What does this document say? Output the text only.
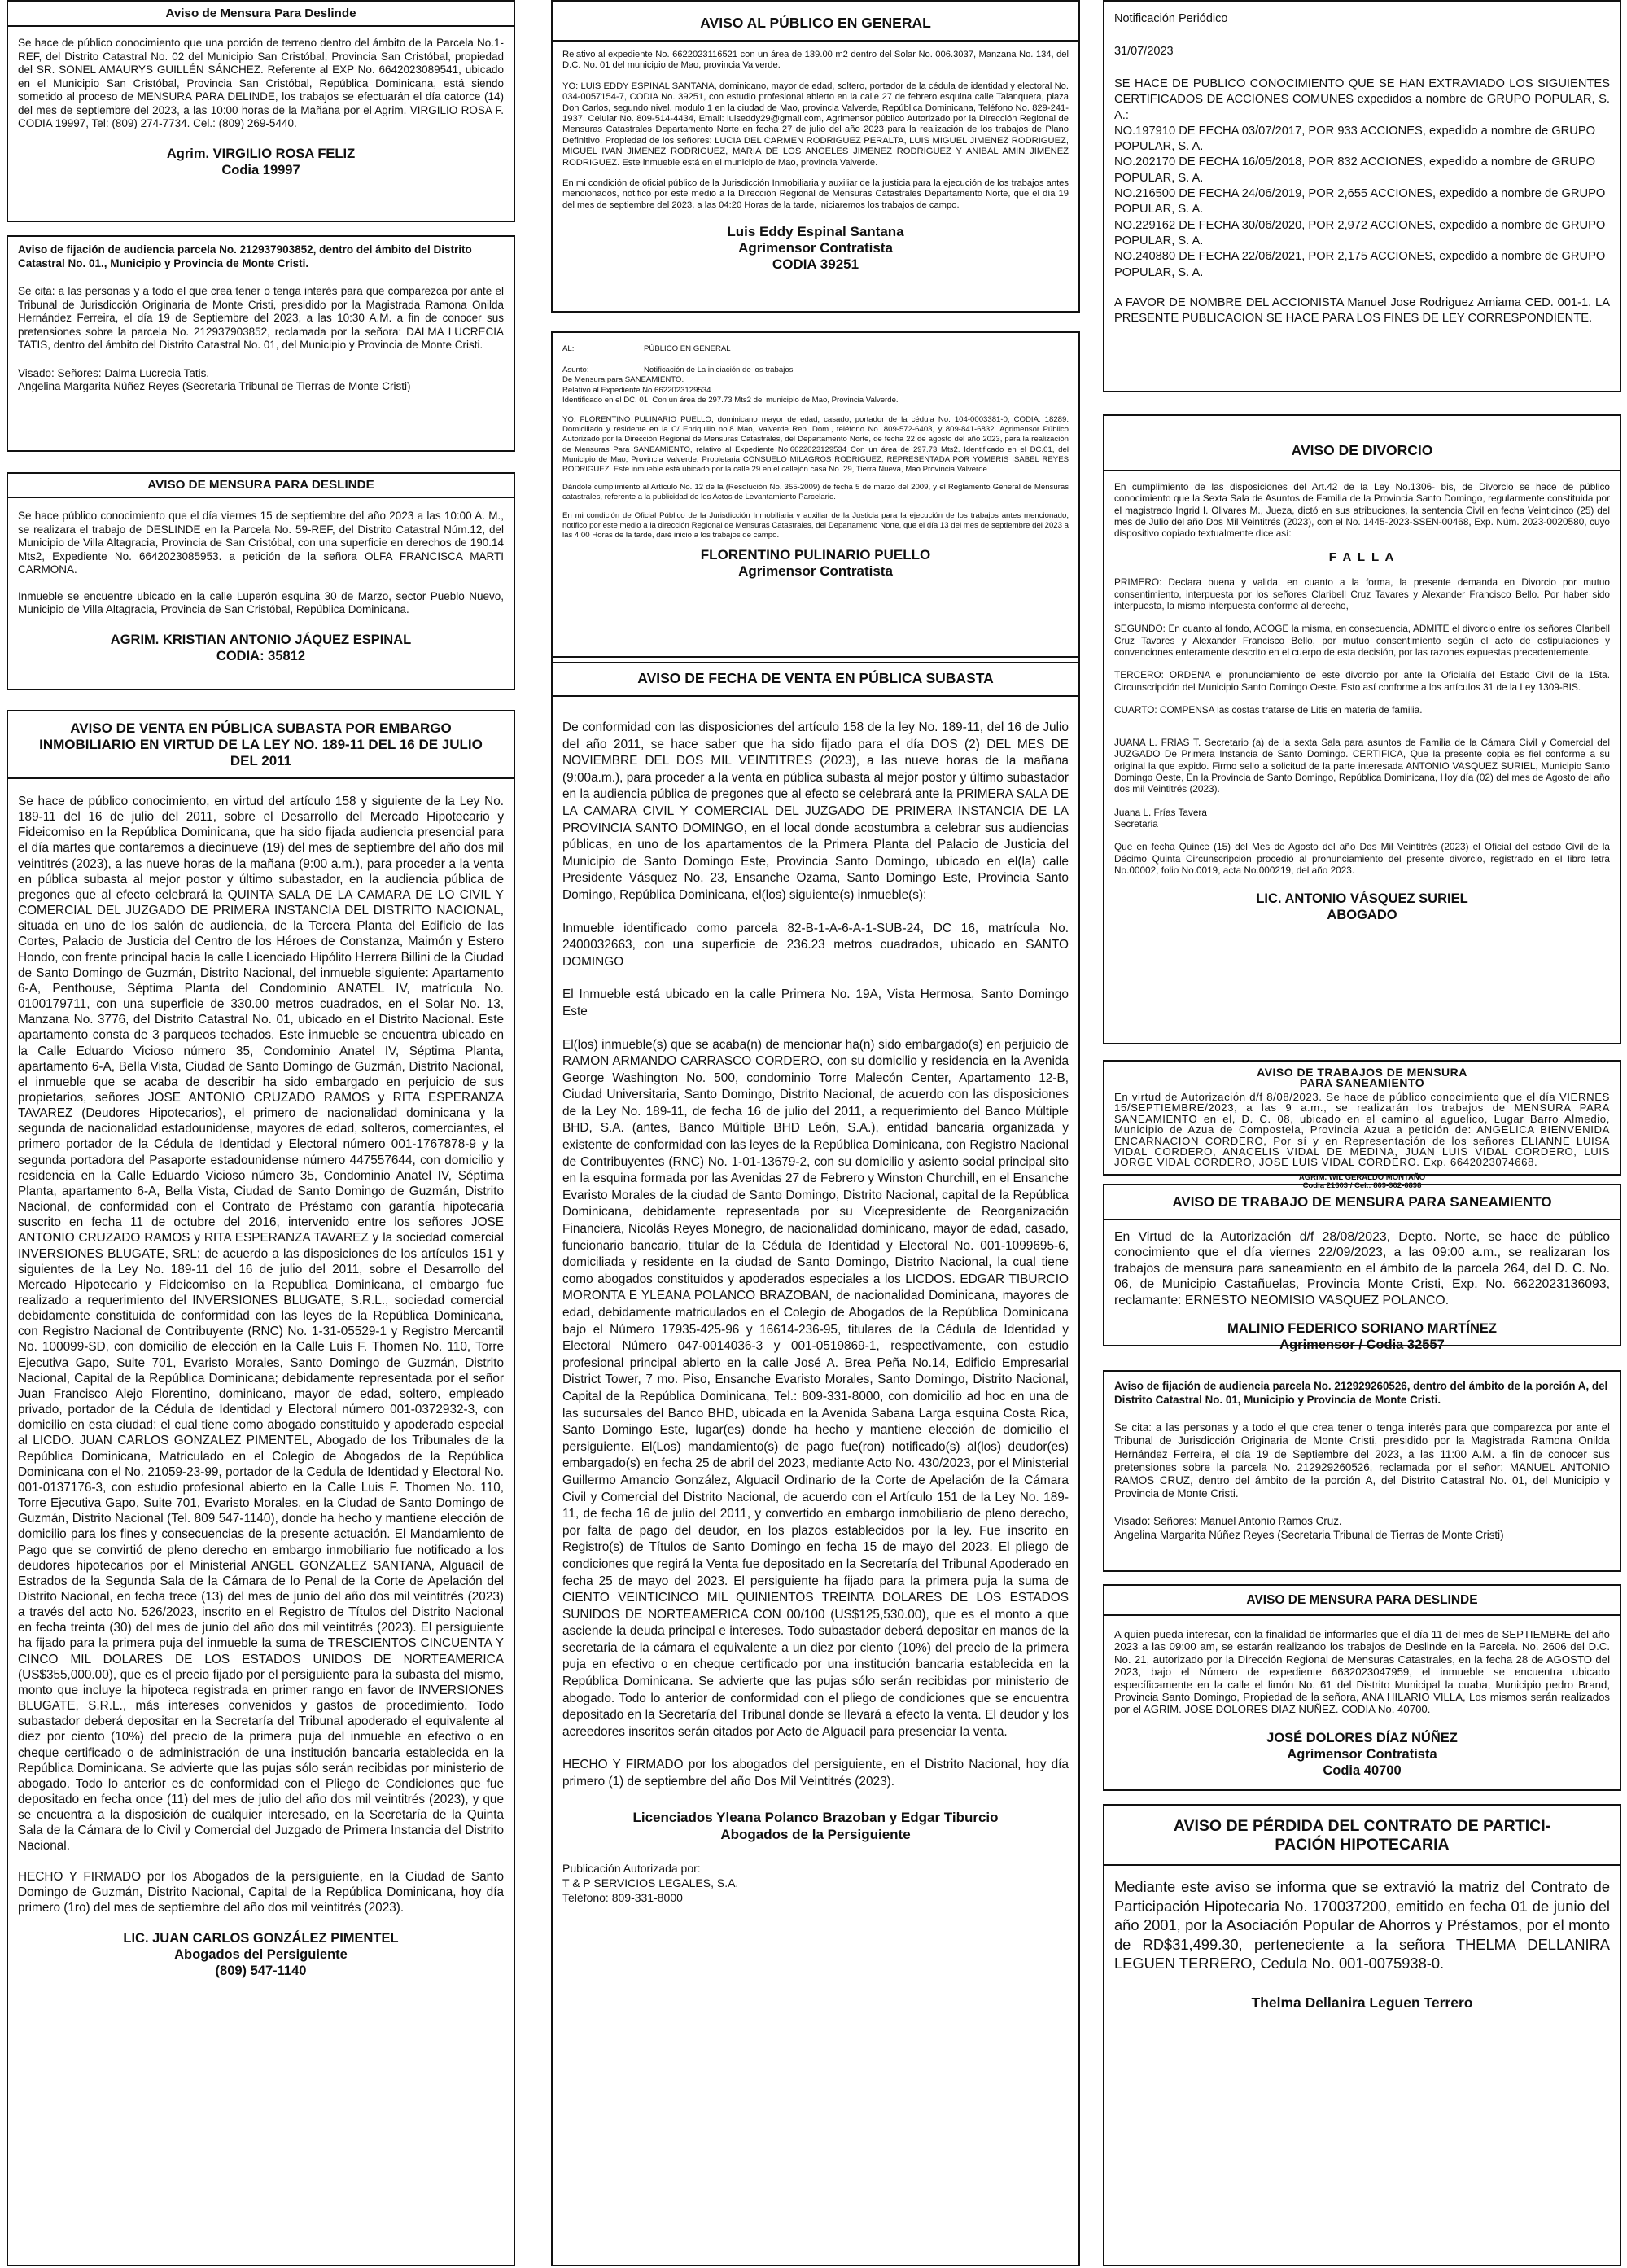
Aviso de Mensura Para Deslinde

Se hace de público conocimiento que una porción de terreno dentro del ámbito de la Parcela No.1-REF, del Distrito Catastral No. 02 del Municipio San Cristóbal, Provincia San Cristóbal, propiedad del SR. SONEL AMAURYS GUILLÉN SÁNCHEZ. Referente al EXP No. 6642023089541, ubicado en el Municipio San Cristóbal, Provincia San Cristóbal, República Dominicana, está siendo sometido al proceso de MENSURA PARA DELINDE, los trabajos se efectuarán el día catorce (14) del mes de septiembre del 2023, a las 10:00 horas de la Mañana por el Agrim. VIRGILIO ROSA F. CODIA 19997, Tel: (809) 274-7734. Cel.: (809) 269-5440.

Agrim. VIRGILIO ROSA FELIZ
Codia 19997

Aviso de fijación de audiencia parcela No. 212937903852, dentro del ámbito del Distrito Catastral No. 01., Municipio y Provincia de Monte Cristi.

Se cita: a las personas y a todo el que crea tener o tenga interés para que comparezca por ante el Tribunal de Jurisdicción Originaria de Monte Cristi, presidido por la Magistrada Ramona Onilda Hernández Ferreira, el día 19 de Septiembre del 2023, a las 10:30 A.M. a fin de conocer sus pretensiones sobre la parcela No. 212937903852, reclamada por la señora: DALMA LUCRECIA TATIS, dentro del ámbito del Distrito Catastral No. 01, del Municipio y Provincia de Monte Cristi.

Visado: Señores: Dalma Lucrecia Tatis.

Angelina Margarita Núñez Reyes (Secretaria Tribunal de Tierras de Monte Cristi)

AVISO DE MENSURA PARA DESLINDE

Se hace público conocimiento que el día viernes 15 de septiembre del año 2023 a las 10:00 A. M., se realizara el trabajo de DESLINDE en la Parcela No. 59-REF, del Distrito Catastral Núm.12, del Municipio de Villa Altagracia, Provincia de San Cristóbal, con una superficie en derechos de 190.14 Mts2, Expediente No. 6642023085953. a petición de la señora OLFA FRANCISCA MARTI CARMONA.

Inmueble se encuentre ubicado en la calle Luperón esquina 30 de Marzo, sector Pueblo Nuevo, Municipio de Villa Altagracia, Provincia de San Cristóbal, República Dominicana.

AGRIM. KRISTIAN ANTONIO JÁQUEZ ESPINAL
CODIA: 35812
AVISO DE VENTA EN PÚBLICA SUBASTA POR EMBARGO INMOBILIARIO EN VIRTUD DE LA LEY NO. 189-11 DEL 16 DE JULIO DEL 2011

Se hace de público conocimiento, en virtud del artículo 158 y siguiente de la Ley No. 189-11 del 16 de julio del 2011, sobre el Desarrollo del Mercado Hipotecario y Fideicomiso en la República Dominicana, que ha sido fijada audiencia presencial para el día martes que contaremos a diecinueve (19) del mes de septiembre del año dos mil veintitrés (2023), a las nueve horas de la mañana (9:00 a.m.), para proceder a la venta en pública subasta al mejor postor y último subastador, en la audiencia pública de pregones que al efecto celebrará la QUINTA SALA DE LA CAMARA DE LO CIVIL Y COMERCIAL DEL JUZGADO DE PRIMERA INSTANCIA DEL DISTRITO NACIONAL, situada en uno de los salón de audiencia, de la Tercera Planta del Edificio de las Cortes, Palacio de Justicia del Centro de los Héroes de Constanza, Maimón y Estero Hondo, con frente principal hacia la calle Licenciado Hipólito Herrera Billini de la Ciudad de Santo Domingo de Guzmán, Distrito Nacional, del inmueble siguiente: Apartamento 6-A, Penthouse, Séptima Planta del Condominio ANATEL IV, matrícula No. 0100179711, con una superficie de 330.00 metros cuadrados, en el Solar No. 13, Manzana No. 3776, del Distrito Catastral No. 01, ubicado en el Distrito Nacional. Este apartamento consta de 3 parqueos techados. Este inmueble se encuentra ubicado en la Calle Eduardo Vicioso número 35, Condominio Anatel IV, Séptima Planta, apartamento 6-A, Bella Vista, Ciudad de Santo Domingo de Guzmán, Distrito Nacional, el inmueble que se acaba de describir ha sido embargado en perjuicio de sus propietarios, señores JOSE ANTONIO CRUZADO RAMOS y RITA ESPERANZA TAVAREZ (Deudores Hipotecarios), el primero de nacionalidad dominicana y la segunda de nacionalidad estadounidense, mayores de edad, solteros, comerciantes, el primero portador de la Cédula de Identidad y Electoral número 001-1767878-9 y la segunda portadora del Pasaporte estadounidense número 447557644, con domicilio y residencia en la Calle Eduardo Vicioso número 35, Condominio Anatel IV, Séptima Planta, apartamento 6-A, Bella Vista, Ciudad de Santo Domingo de Guzmán, Distrito Nacional, de conformidad con el Contrato de Préstamo con garantía hipotecaria suscrito en fecha 11 de octubre del 2016, intervenido entre los señores JOSE ANTONIO CRUZADO RAMOS y RITA ESPERANZA TAVAREZ y la sociedad comercial INVERSIONES BLUGATE, SRL; de acuerdo a las disposiciones de los artículos 151 y siguientes de la Ley No. 189-11 del 16 de julio del 2011, sobre el Desarrollo del Mercado Hipotecario y Fideicomiso en la Republica Dominicana, el embargo fue realizado a requerimiento del INVERSIONES BLUGATE, S.R.L., sociedad comercial debidamente constituida de conformidad con las leyes de la República Dominicana, con Registro Nacional de Contribuyente (RNC) No. 1-31-05529-1 y Registro Mercantil No. 100099-SD, con domicilio de elección en la Calle Luis F. Thomen No. 110, Torre Ejecutiva Gapo, Suite 701, Evaristo Morales, Santo Domingo de Guzmán, Distrito Nacional, Capital de la República Dominicana; debidamente representada por el señor Juan Francisco Alejo Florentino, dominicano, mayor de edad, soltero, empleado privado, portador de la Cédula de Identidad y Electoral número 001-0372932-3, con domicilio en esta ciudad; el cual tiene como abogado constituido y apoderado especial al LICDO. JUAN CARLOS GONZALEZ PIMENTEL, Abogado de los Tribunales de la República Dominicana, Matriculado en el Colegio de Abogados de la República Dominicana con el No. 21059-23-99, portador de la Cedula de Identidad y Electoral No. 001-0137176-3, con estudio profesional abierto en la Calle Luis F. Thomen No. 110, Torre Ejecutiva Gapo, Suite 701, Evaristo Morales, en la Ciudad de Santo Domingo de Guzmán, Distrito Nacional (Tel. 809 547-1140), donde ha hecho y mantiene elección de domicilio para los fines y consecuencias de la presente actuación. El Mandamiento de Pago que se convirtió de pleno derecho en embargo inmobiliario fue notificado a los deudores hipotecarios por el Ministerial ANGEL GONZALEZ SANTANA, Alguacil de Estrados de la Segunda Sala de la Cámara de lo Penal de la Corte de Apelación del Distrito Nacional, en fecha trece (13) del mes de junio del año dos mil veintitrés (2023) a través del acto No. 526/2023, inscrito en el Registro de Títulos del Distrito Nacional en fecha treinta (30) del mes de junio del año dos mil veintitrés (2023). El persiguiente ha fijado para la primera puja del inmueble la suma de TRESCIENTOS CINCUENTA Y CINCO MIL DOLARES DE LOS ESTADOS UNIDOS DE NORTEAMERICA (US$355,000.00), que es el precio fijado por el persiguiente para la subasta del mismo, monto que incluye la hipoteca registrada en primer rango en favor de INVERSIONES BLUGATE, S.R.L., más intereses convenidos y gastos de procedimiento. Todo subastador deberá depositar en la Secretaría del Tribunal apoderado el equivalente al diez por ciento (10%) del precio de la primera puja del inmueble en efectivo o en cheque certificado o de administración de una institución bancaria establecida en la República Dominicana. Se advierte que las pujas sólo serán recibidas por ministerio de abogado. Todo lo anterior es de conformidad con el Pliego de Condiciones que fue depositado en fecha once (11) del mes de julio del año dos mil veintitrés (2023), y que se encuentra a la disposición de cualquier interesado, en la Secretaría de la Quinta Sala de la Cámara de lo Civil y Comercial del Juzgado de Primera Instancia del Distrito Nacional.

HECHO Y FIRMADO por los Abogados de la persiguiente, en la Ciudad de Santo Domingo de Guzmán, Distrito Nacional, Capital de la República Dominicana, hoy día primero (1ro) del mes de septiembre del año dos mil veintitrés (2023).

LIC. JUAN CARLOS GONZÁLEZ PIMENTEL
Abogados del Persiguiente
(809) 547-1140
AVISO AL PÚBLICO EN GENERAL

Relativo al expediente No. 6622023116521 con un área de 139.00 m2 dentro del Solar No. 006.3037, Manzana No. 134, del D.C. No. 01 del municipio de Mao, provincia Valverde.

YO: LUIS EDDY ESPINAL SANTANA, dominicano, mayor de edad, soltero, portador de la cédula de identidad y electoral No. 034-0057154-7, CODIA No. 39251, con estudio profesional abierto en la calle 27 de febrero esquina calle Talanquera, plaza Don Carlos, segundo nivel, modulo 1 en la ciudad de Mao, provincia Valverde, República Dominicana, Teléfono No. 829-241-1937, Celular No. 809-514-4434, Email: luiseddy29@gmail.com, Agrimensor público Autorizado por la Dirección Regional de Mensuras Catastrales Departamento Norte en fecha 27 de julio del año 2023 para la realización de los trabajos de Plano Definitivo. Propiedad de los señores: LUCIA DEL CARMEN RODRIGUEZ PERALTA, LUIS MIGUEL JIMENEZ RODRIGUEZ, MIGUEL IVAN JIMENEZ RODRIGUEZ, MARIA DE LOS ANGELES JIMENEZ RODRIGUEZ Y ANIBAL AMIN JIMENEZ RODRIGUEZ. Este inmueble está en el municipio de Mao, provincia Valverde.

En mi condición de oficial público de la Jurisdicción Inmobiliaria y auxiliar de la justicia para la ejecución de los trabajos antes mencionados, notifico por este medio a la Dirección Regional de Mensuras Catastrales Departamento Norte, que el día 19 del mes de septiembre del 2023, a las 04:20 Horas de la tarde, iniciaremos los trabajos de campo.

Luis Eddy Espinal Santana
Agrimensor Contratista
CODIA 39251
AL:	PÚBLICO EN GENERAL
Asunto:	Notificación de La iniciación de los trabajos

De Mensura para SANEAMIENTO.

Relativo al Expediente No.6622023129534

Identificado en el DC. 01, Con un área de 297.73 Mts2 del municipio de Mao, Provincia Valverde.

YO: FLORENTINO PULINARIO PUELLO, dominicano mayor de edad, casado, portador de la cédula No. 104-0003381-0, CODIA: 18289. Domiciliado y residente en la C/ Enriquillo no.8 Mao, Valverde Rep. Dom., teléfono No. 809-572-6403, y 809-841-6832. Agrimensor Público Autorizado por la Dirección Regional de Mensuras Catastrales, del Departamento Norte, de fecha 22 de agosto del año 2023, para la realización de Mensuras Para SANEAMIENTO, relativo al Expediente No.6622023129534 Con un área de 297.73 Mts2. Identificado en el DC.01, del Municipio de Mao, Provincia Valverde. Propietaria CONSUELO MILAGROS RODRIGUEZ, REPRESENTADA POR YOMERIS ISABEL REYES RODRIGUEZ. Este inmueble está ubicado por la calle 29 en el callejón casa No. 29, Tierra Nueva, Mao Provincia Valverde.

Dándole cumplimiento al Artículo No. 12 de la (Resolución No. 355-2009) de fecha 5 de marzo del 2009, y el Reglamento General de Mensuras catastrales, referente a la publicidad de los Actos de Levantamiento Parcelario.

En mi condición de Oficial Público de la Jurisdicción Inmobiliaria y auxiliar de la Justicia para la ejecución de los trabajos antes mencionado, notifico por este medio a la dirección Regional de Mensuras Catastrales, del Departamento Norte, que el día 13 del mes de septiembre del 2023 a las 4:00 Horas de la tarde, daré inicio a los trabajos de campo.

FLORENTINO PULINARIO PUELLO
Agrimensor Contratista
AVISO DE FECHA DE VENTA EN PÚBLICA SUBASTA

De conformidad con las disposiciones del artículo 158 de la ley No. 189-11, del 16 de Julio del año 2011, se hace saber que ha sido fijado para el día DOS (2) DEL MES DE NOVIEMBRE DEL DOS MIL VEINTITRES (2023), a las nueve horas de la mañana (9:00a.m.), para proceder a la venta en pública subasta al mejor postor y último subastador en la audiencia pública de pregones que al efecto se celebrará ante la PRIMERA SALA DE LA CAMARA CIVIL Y COMERCIAL DEL JUZGADO DE PRIMERA INSTANCIA DE LA PROVINCIA SANTO DOMINGO, en el local donde acostumbra a celebrar sus audiencias públicas, en uno de los apartamentos de la Primera Planta del Palacio de Justicia del Municipio de Santo Domingo Este, Provincia Santo Domingo, ubicado en el(la) calle Presidente Vásquez No. 23, Ensanche Ozama, Santo Domingo Este, Provincia Santo Domingo, República Dominicana, el(los) siguiente(s) inmueble(s):

Inmueble identificado como parcela 82-B-1-A-6-A-1-SUB-24, DC 16, matrícula No. 2400032663, con una superficie de 236.23 metros cuadrados, ubicado en SANTO DOMINGO

El Inmueble está ubicado en la calle Primera No. 19A, Vista Hermosa, Santo Domingo Este

El(los) inmueble(s) que se acaba(n) de mencionar ha(n) sido embargado(s) en perjuicio de RAMON ARMANDO CARRASCO CORDERO, con su domicilio y residencia en la Avenida George Washington No. 500, condominio Torre Malecón Center, Apartamento 12-B, Ciudad Universitaria, Santo Domingo, Distrito Nacional, de acuerdo con las disposiciones de la Ley No. 189-11, de fecha 16 de julio del 2011, a requerimiento del Banco Múltiple BHD, S.A. (antes, Banco Múltiple BHD León, S.A.), entidad bancaria organizada y existente de conformidad con las leyes de la República Dominicana, con Registro Nacional de Contribuyentes (RNC) No. 1-01-13679-2, con su domicilio y asiento social principal sito en la esquina formada por las Avenidas 27 de Febrero y Winston Churchill, en el Ensanche Evaristo Morales de la ciudad de Santo Domingo, Distrito Nacional, capital de la República Dominicana, debidamente representada por su Vicepresidente de Reorganización Financiera, Nicolás Reyes Monegro, de nacionalidad dominicano, mayor de edad, casado, funcionario bancario, titular de la Cédula de Identidad y Electoral No. 001-1099695-6, domiciliada y residente en la ciudad de Santo Domingo, Distrito Nacional, la cual tiene como abogados constituidos y apoderados especiales a los LICDOS. EDGAR TIBURCIO MORONTA E YLEANA POLANCO BRAZOBAN, de nacionalidad Dominicana, mayores de edad, debidamente matriculados en el Colegio de Abogados de la República Dominicana bajo el Número 17935-425-96 y 16614-236-95, titulares de la Cédula de Identidad y Electoral Número 047-0014036-3 y 001-0519869-1, respectivamente, con estudio profesional principal abierto en la calle José A. Brea Peña No.14, Edificio Empresarial District Tower, 7 mo. Piso, Ensanche Evaristo Morales, Santo Domingo, Distrito Nacional, Capital de la República Dominicana, Tel.: 809-331-8000, con domicilio ad hoc en una de las sucursales del Banco BHD, ubicada en la Avenida Sabana Larga esquina Costa Rica, Santo Domingo Este, lugar(es) donde ha hecho y mantiene elección de domicilio el persiguiente. El(Los) mandamiento(s) de pago fue(ron) notificado(s) al(los) deudor(es) embargado(s) en fecha 25 de abril del 2023, mediante Acto No. 430/2023, por el Ministerial Guillermo Amancio González, Alguacil Ordinario de la Corte de Apelación de la Cámara Civil y Comercial del Distrito Nacional, de acuerdo con el Artículo 151 de la Ley No. 189-11, de fecha 16 de julio del 2011, y convertido en embargo inmobiliario de pleno derecho, por falta de pago del deudor, en los plazos establecidos por la ley. Fue inscrito en Registro(s) de Títulos de Santo Domingo en fecha 15 de mayo del 2023. El pliego de condiciones que regirá la Venta fue depositado en la Secretaría del Tribunal Apoderado en fecha 25 de mayo del 2023. El persiguiente ha fijado para la primera puja la suma de CIENTO VEINTICINCO MIL QUINIENTOS TREINTA DOLARES DE LOS ESTADOS SUNIDOS DE NORTEAMERICA CON 00/100 (US$125,530.00), que es el monto a que asciende la deuda principal e intereses. Todo subastador deberá depositar en manos de la secretaria de la cámara el equivalente a un diez por ciento (10%) del precio de la primera puja en efectivo o en cheque certificado por una institución bancaria establecida en la República Dominicana. Se advierte que las pujas sólo serán recibidas por ministerio de abogado. Todo lo anterior de conformidad con el pliego de condiciones que se encuentra depositado en la Secretaría del Tribunal donde se llevará a efecto la venta. El deudor y los acreedores inscritos serán citados por Acto de Alguacil para presenciar la venta.

HECHO Y FIRMADO por los abogados del persiguiente, en el Distrito Nacional, hoy día primero (1) de septiembre del año Dos Mil Veintitrés (2023).

Licenciados Yleana Polanco Brazoban y Edgar Tiburcio
Abogados de la Persiguiente

Publicación Autorizada por:

T & P SERVICIOS LEGALES, S.A.

Teléfono: 809-331-8000

Notificación Periódico

31/07/2023

SE HACE DE PUBLICO CONOCIMIENTO QUE SE HAN EXTRAVIADO LOS SIGUIENTES CERTIFICADOS DE ACCIONES COMUNES expedidos a nombre de GRUPO POPULAR, S. A.:

NO.197910 DE FECHA 03/07/2017, POR 933 ACCIONES, expedido a nombre de GRUPO POPULAR, S. A.

NO.202170 DE FECHA 16/05/2018, POR 832 ACCIONES, expedido a nombre de GRUPO POPULAR, S. A.

NO.216500 DE FECHA 24/06/2019, POR 2,655 ACCIONES, expedido a nombre de GRUPO POPULAR, S. A.

NO.229162 DE FECHA 30/06/2020, POR 2,972 ACCIONES, expedido a nombre de GRUPO POPULAR, S. A.

NO.240880 DE FECHA 22/06/2021, POR 2,175 ACCIONES, expedido a nombre de GRUPO POPULAR, S. A.

A FAVOR DE NOMBRE DEL ACCIONISTA Manuel Jose Rodriguez Amiama CED. 001-1. LA PRESENTE PUBLICACION SE HACE PARA LOS FINES DE LEY CORRESPONDIENTE.

AVISO DE DIVORCIO

En cumplimiento de las disposiciones del Art.42 de la Ley No.1306- bis, de Divorcio se hace de público conocimiento que la Sexta Sala de Asuntos de Familia de la Provincia Santo Domingo, regularmente constituida por el magistrado Ingrid I. Olivares M., Jueza, dictó en sus atribuciones, la sentencia Civil en fecha Veinticinco (25) del mes de Julio del año Dos Mil Veintitrés (2023), con el No. 1445-2023-SSEN-00468, Exp. Núm. 2023-0020580, cuyo dispositivo copiado textualmente dice así:

F A L L A

PRIMERO: Declara buena y valida, en cuanto a la forma, la presente demanda en Divorcio por mutuo consentimiento, interpuesta por los señores Claribell Cruz Tavares y Alexander Francisco Bello. Por haber sido interpuesta, la mismo interpuesta conforme al derecho,

SEGUNDO: En cuanto al fondo, ACOGE la misma, en consecuencia, ADMITE el divorcio entre los señores Claribell Cruz Tavares y Alexander Francisco Bello, por mutuo consentimiento según el acto de estipulaciones y convenciones enteramente descrito en el cuerpo de esta decisión, por las razones expuestas precedentemente.

TERCERO: ORDENA el pronunciamiento de este divorcio por ante la Oficialía del Estado Civil de la 15ta. Circunscripción del Municipio Santo Domingo Oeste. Esto así conforme a los artículos 31 de la Ley 1309-BIS.

CUARTO: COMPENSA las costas tratarse de Litis en materia de familia.

JUANA L. FRIAS T. Secretario (a) de la sexta Sala para asuntos de Familia de la Cámara Civil y Comercial del JUZGADO De Primera Instancia de Santo Domingo. CERTIFICA, Que la presente copia es fiel conforme a su original la que expido. Firmo sello a solicitud de la parte interesada ANTONIO VASQUEZ SURIEL, Municipio Santo Domingo Oeste, En la Provincia de Santo Domingo, República Dominicana, Hoy día (02) del mes de Agosto del año dos mil Veintitrés (2023).

Juana L. Frías Tavera

Secretaria

Que en fecha Quince (15) del Mes de Agosto del año Dos Mil Veintitrés (2023) el Oficial del estado Civil de la Décimo Quinta Circunscripción procedió al pronunciamiento del presente divorcio, registrado en el libro letra No.00002, folio No.0019, acta No.000219, del año 2023.

LIC. ANTONIO VÁSQUEZ SURIEL
ABOGADO
AVISO DE TRABAJOS DE MENSURA
PARA SANEAMIENTO

En virtud de Autorización d/f 8/08/2023. Se hace de público conocimiento que el día VIERNES 15/SEPTIEMBRE/2023, a las 9 a.m., se realizarán los trabajos de MENSURA PARA SANEAMIENTO en el, D. C. 08, ubicado en el camino al aguelico, Lugar Barro Almedio, Municipio de Azua de Compostela, Provincia Azua a petición de: ANGELICA BIENVENIDA ENCARNACION CORDERO, Por sí y en Representación de los señores ELIANNE LUISA VIDAL CORDERO, ANACELIS VIDAL DE MEDINA, JUAN LUIS VIDAL CORDERO, LUIS JORGE VIDAL CORDERO, JOSE LUIS VIDAL CORDERO. Exp. 6642023074668.

AGRIM. WIL GERALDO MONTAÑO
Codia 21603 / Cel.: 809-902-6898
AVISO DE TRABAJO DE MENSURA PARA SANEAMIENTO

En Virtud de la Autorización d/f 28/08/2023, Depto. Norte, se hace de público conocimiento que el día viernes 22/09/2023, a las 09:00 a.m., se realizaran los trabajos de mensura para saneamiento en el ámbito de la parcela 264, del D. C. No. 06, de Municipio Castañuelas, Provincia Monte Cristi, Exp. No. 6622023136093, reclamante: ERNESTO NEOMISIO VASQUEZ POLANCO.

MALINIO FEDERICO SORIANO MARTÍNEZ
Agrimensor / Codia 32557

Aviso de fijación de audiencia parcela No. 212929260526, dentro del ámbito de la porción A, del Distrito Catastral No. 01, Municipio y Provincia de Monte Cristi.

Se cita: a las personas y a todo el que crea tener o tenga interés para que comparezca por ante el Tribunal de Jurisdicción Originaria de Monte Cristi, presidido por la Magistrada Ramona Onilda Hernández Ferreira, el día 19 de Septiembre del 2023, a las 11:00 A.M. a fin de conocer sus pretensiones sobre la parcela No. 212929260526, reclamada por el señor: MANUEL ANTONIO RAMOS CRUZ, dentro del ámbito de la porción A, del Distrito Catastral No. 01, del Municipio y Provincia de Monte Cristi.

Visado: Señores: Manuel Antonio Ramos Cruz.

Angelina Margarita Núñez Reyes (Secretaria Tribunal de Tierras de Monte Cristi)

AVISO DE MENSURA PARA DESLINDE

A quien pueda interesar, con la finalidad de informarles que el día 11 del mes de SEPTIEMBRE del año 2023 a las 09:00 am, se estarán realizando los trabajos de Deslinde en la Parcela. No. 2606 del D.C. No. 21, autorizado por la Dirección Regional de Mensuras Catastrales, en la fecha 28 de AGOSTO del 2023, bajo el Número de expediente 6632023047959, el inmueble se encuentra ubicado específicamente en la calle el limón No. 61 del Distrito Municipal la cuaba, Municipio pedro Brand, Provincia Santo Domingo, Propiedad de la señora, ANA HILARIO VILLA, Los mismos serán realizados por el AGRIM. JOSE DOLORES DIAZ NUÑEZ. CODIA No. 40700.

JOSÉ DOLORES DÍAZ NÚÑEZ
Agrimensor Contratista
Codia 40700
AVISO DE PÉRDIDA DEL CONTRATO DE PARTICI-
PACIÓN HIPOTECARIA

Mediante este aviso se informa que se extravió la matriz del Contrato de Participación Hipotecaria No. 170037200, emitido en fecha 01 de junio del año 2001, por la Asociación Popular de Ahorros y Préstamos, por el monto de RD$31,499.30, perteneciente a la señora THELMA DELLANIRA LEGUEN TERRERO, Cedula No. 001-0075938-0.

Thelma Dellanira Leguen Terrero
